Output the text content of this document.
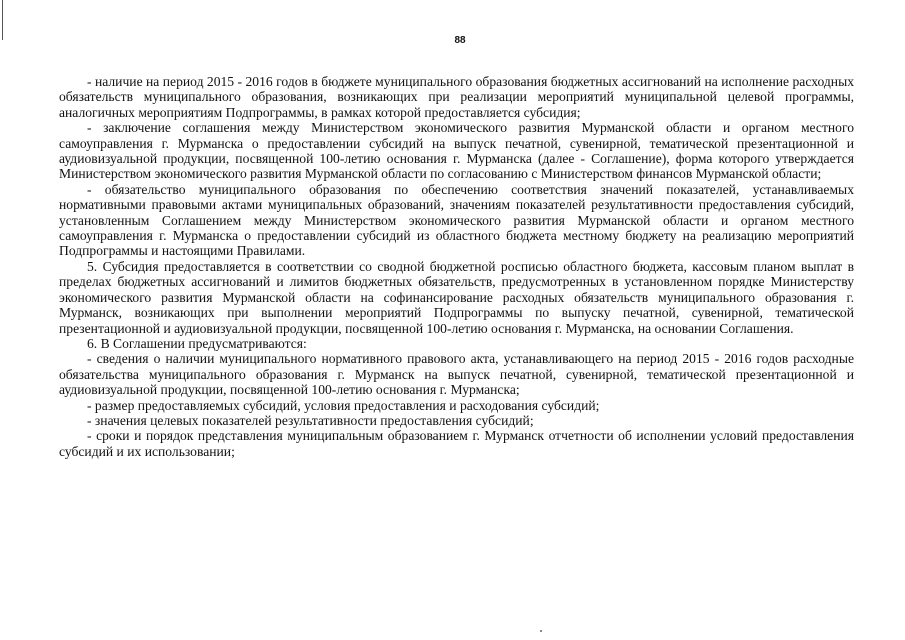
88

- наличие на период 2015 - 2016 годов в бюджете муниципального образования бюджетных ассигнований на исполнение расходных обязательств муниципального образования, возникающих при реализации мероприятий муниципальной целевой программы, аналогичных мероприятиям Подпрограммы, в рамках которой предоставляется субсидия;

- заключение соглашения между Министерством экономического развития Мурманской области и органом местного самоуправления г. Мурманска о предоставлении субсидий на выпуск печатной, сувенирной, тематической презентационной и аудиовизуальной продукции, посвященной 100-летию основания г. Мурманска (далее - Соглашение), форма которого утверждается Министерством экономического развития Мурманской области по согласованию с Министерством финансов Мурманской области;

- обязательство муниципального образования по обеспечению соответствия значений показателей, устанавливаемых нормативными правовыми актами муниципальных образований, значениям показателей результативности предоставления субсидий, установленным Соглашением между Министерством экономического развития Мурманской области и органом местного самоуправления г. Мурманска о предоставлении субсидий из областного бюджета местному бюджету на реализацию мероприятий Подпрограммы и настоящими Правилами.

5. Субсидия предоставляется в соответствии со сводной бюджетной росписью областного бюджета, кассовым планом выплат в пределах бюджетных ассигнований и лимитов бюджетных обязательств, предусмотренных в установленном порядке Министерству экономического развития Мурманской области на софинансирование расходных обязательств муниципального образования г. Мурманск, возникающих при выполнении мероприятий Подпрограммы по выпуску печатной, сувенирной, тематической презентационной и аудиовизуальной продукции, посвященной 100-летию основания г. Мурманска, на основании Соглашения.

6. В Соглашении предусматриваются:

- сведения о наличии муниципального нормативного правового акта, устанавливающего на период 2015 - 2016 годов расходные обязательства муниципального образования г. Мурманск на выпуск печатной, сувенирной, тематической презентационной и аудиовизуальной продукции, посвященной 100-летию основания г. Мурманска;

- размер предоставляемых субсидий, условия предоставления и расходования субсидий;

- значения целевых показателей результативности предоставления субсидий;

- сроки и порядок представления муниципальным образованием г. Мурманск отчетности об исполнении условий предоставления субсидий и их использовании;
